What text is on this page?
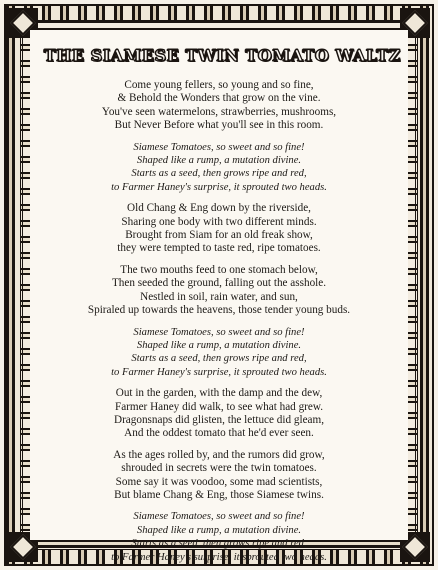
THE SIAMESE TWIN TOMATO WALTZ
Come young fellers, so young and so fine,
& Behold the Wonders that grow on the vine.
You've seen watermelons, strawberries, mushrooms,
But Never Before what you'll see in this room.
Siamese Tomatoes, so sweet and so fine!
Shaped like a rump, a mutation divine.
Starts as a seed, then grows ripe and red,
to Farmer Haney's surprise, it sprouted two heads.
Old Chang & Eng down by the riverside,
Sharing one body with two different minds.
Brought from Siam for an old freak show,
they were tempted to taste red, ripe tomatoes.
The two mouths feed to one stomach below,
Then seeded the ground, falling out the asshole.
Nestled in soil, rain water, and sun,
Spiraled up towards the heavens, those tender young buds.
Siamese Tomatoes, so sweet and so fine!
Shaped like a rump, a mutation divine.
Starts as a seed, then grows ripe and red,
to Farmer Haney's surprise, it sprouted two heads.
Out in the garden, with the damp and the dew,
Farmer Haney did walk, to see what had grew.
Dragonsnaps did glisten, the lettuce did gleam,
And the oddest tomato that he'd ever seen.
As the ages rolled by, and the rumors did grow,
shrouded in secrets were the twin tomatoes.
Some say it was voodoo, some mad scientists,
But blame Chang & Eng, those Siamese twins.
Siamese Tomatoes, so sweet and so fine!
Shaped like a rump, a mutation divine.
Starts as a seed, then grows ripe and red,
to Farmer Haney's surprise, it sprouted two heads.
